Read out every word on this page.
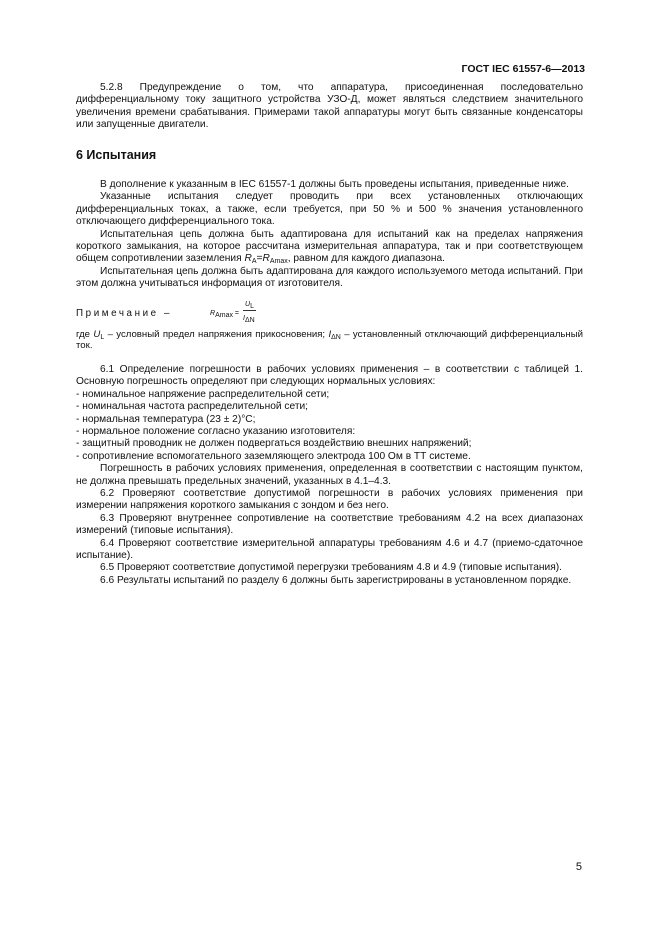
ГОСТ IEC 61557-6—2013

5.2.8 Предупреждение о том, что аппаратура, присоединенная последовательно дифференциальному току защитного устройства УЗО-Д, может являться следствием значительного увеличения времени срабатывания. Примерами такой аппаратуры могут быть связанные конденсаторы или запущенные двигатели.

6 Испытания

В дополнение к указанным в IEC 61557-1 должны быть проведены испытания, приведенные ниже.

Указанные испытания следует проводить при всех установленных отключающих дифференциальных токах, а также, если требуется, при 50 % и 500 % значения установленного отключающего дифференциального тока.

Испытательная цепь должна быть адаптирована для испытаний как на пределах напряжения короткого замыкания, на которое рассчитана измерительная аппаратура, так и при соответствующем общем сопротивлении заземления $R_A=R_{Amax}$, равном для каждого диапазона.

Испытательная цепь должна быть адаптирована для каждого используемого метода испытаний. При этом должна учитываться информация от изготовителя.

Примечание –	$R_{Amax}$ =
$U_L$
$I_{\Delta N}$

где $U_L$ – условный предел напряжения прикосновения; $I_{\Delta N}$ – установленный отключающий дифференциальный ток.

6.1 Определение погрешности в рабочих условиях применения – в соответствии с таблицей 1. Основную погрешность определяют при следующих нормальных условиях:

- номинальное напряжение распределительной сети;
- номинальная частота распределительной сети;
- нормальная температура (23 ± 2)°С;
- нормальное положение согласно указанию изготовителя:
- защитный проводник не должен подвергаться воздействию внешних напряжений;
- сопротивление вспомогательного заземляющего электрода 100 Ом в ТТ системе.

Погрешность в рабочих условиях применения, определенная в соответствии с настоящим пунктом, не должна превышать предельных значений, указанных в 4.1–4.3.

6.2 Проверяют соответствие допустимой погрешности в рабочих условиях применения при измерении напряжения короткого замыкания с зондом и без него.

6.3 Проверяют внутреннее сопротивление на соответствие требованиям 4.2 на всех диапазонах измерений (типовые испытания).

6.4 Проверяют соответствие измерительной аппаратуры требованиям 4.6 и 4.7 (приемо-сдаточное испытание).

6.5 Проверяют соответствие допустимой перегрузки требованиям 4.8 и 4.9 (типовые испытания).

6.6 Результаты испытаний по разделу 6 должны быть зарегистрированы в установленном порядке.

5
